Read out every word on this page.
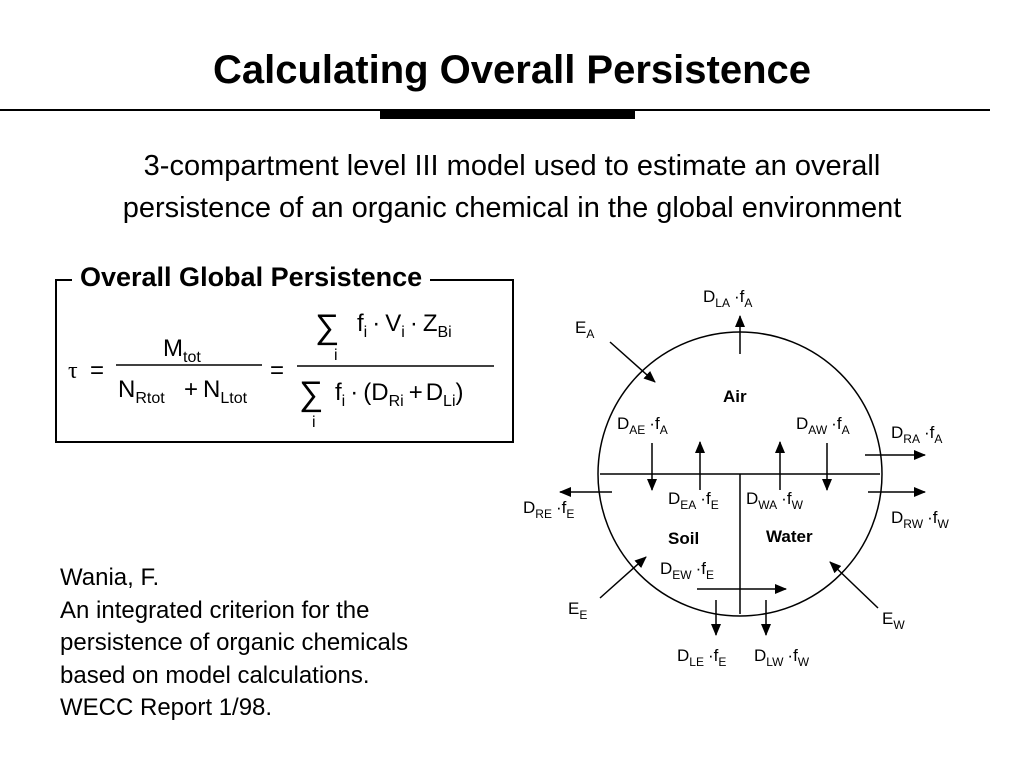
Calculating Overall Persistence
3-compartment level III model used to estimate an overall
persistence of an organic chemical in the global environment
Overall Global Persistence
τ =
$M_{tot}$
$N_{Rtot} + N_{Ltot}$
=
∑
i
$f_i \cdot V_i \cdot Z_{Bi}$
∑
i
$f_i \cdot (D_{Ri} + D_{Li})$	Air
Soil	Water
$E_A$
$E_E$	$E_W$
$D_{LA} \cdot f_A$
$D_{AE} \cdot f_A$	$D_{AW} \cdot f_A$ $D_{RA} \cdot f_A$
$D_{EA} \cdot f_E$ $D_{WA} \cdot f_W$
$D_{RE} \cdot f_E$	$D_{RW} \cdot f_W$
$D_{EW} \cdot f_E$
$D_{LE} \cdot f_E$ $D_{LW} \cdot f_W$
Wania, F.
An integrated criterion for the
persistence of organic chemicals
based on model calculations.
WECC Report 1/98.
